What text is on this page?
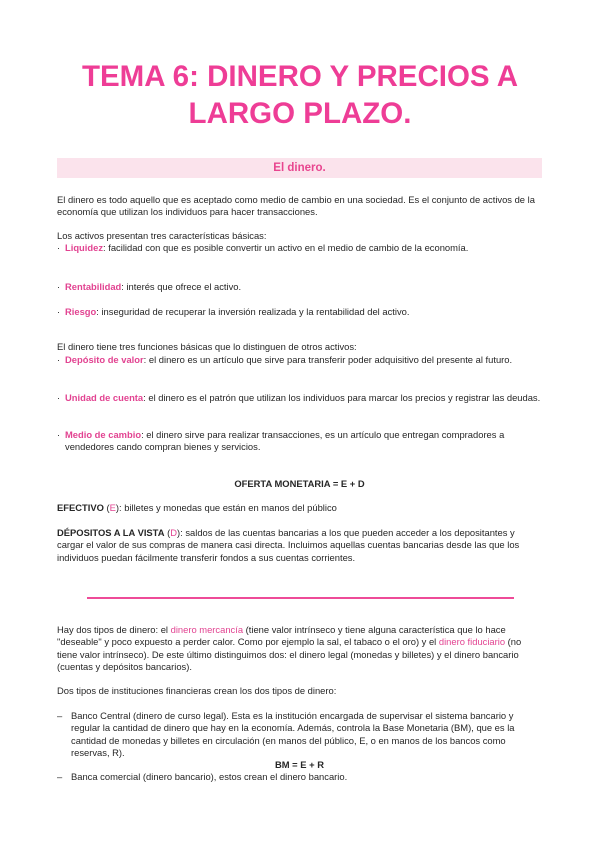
TEMA 6: DINERO Y PRECIOS A LARGO PLAZO.
El dinero.
El dinero es todo aquello que es aceptado como medio de cambio en una sociedad. Es el conjunto de activos de la economía que utilizan los individuos para hacer transacciones.
Los activos presentan tres características básicas:
· Liquidez: facilidad con que es posible convertir un activo en el medio de cambio de la economía.
· Rentabilidad: interés que ofrece el activo.
· Riesgo: inseguridad de recuperar la inversión realizada y la rentabilidad del activo.
El dinero tiene tres funciones básicas que lo distinguen de otros activos:
· Depósito de valor: el dinero es un artículo que sirve para transferir poder adquisitivo del presente al futuro.
· Unidad de cuenta: el dinero es el patrón que utilizan los individuos para marcar los precios y registrar las deudas.
· Medio de cambio: el dinero sirve para realizar transacciones, es un artículo que entregan compradores a vendedores cando compran bienes y servicios.
OFERTA MONETARIA = E + D
EFECTIVO (E): billetes y monedas que están en manos del público
DÉPOSITOS A LA VISTA (D): saldos de las cuentas bancarias a los que pueden acceder a los depositantes y cargar el valor de sus compras de manera casi directa. Incluimos aquellas cuentas bancarias desde las que los individuos puedan fácilmente transferir fondos a sus cuentas corrientes.
Hay dos tipos de dinero: el dinero mercancía (tiene valor intrínseco y tiene alguna característica que lo hace "deseable" y poco expuesto a perder calor. Como por ejemplo la sal, el tabaco o el oro) y el dinero fiduciario (no tiene valor intrínseco). De este último distinguimos dos: el dinero legal (monedas y billetes) y el dinero bancario (cuentas y depósitos bancarios).
Dos tipos de instituciones financieras crean los dos tipos de dinero:
– Banco Central (dinero de curso legal). Esta es la institución encargada de supervisar el sistema bancario y regular la cantidad de dinero que hay en la economía. Además, controla la Base Monetaria (BM), que es la cantidad de monedas y billetes en circulación (en manos del público, E, o en manos de los bancos como reservas, R).
BM = E + R
– Banca comercial (dinero bancario), estos crean el dinero bancario.
